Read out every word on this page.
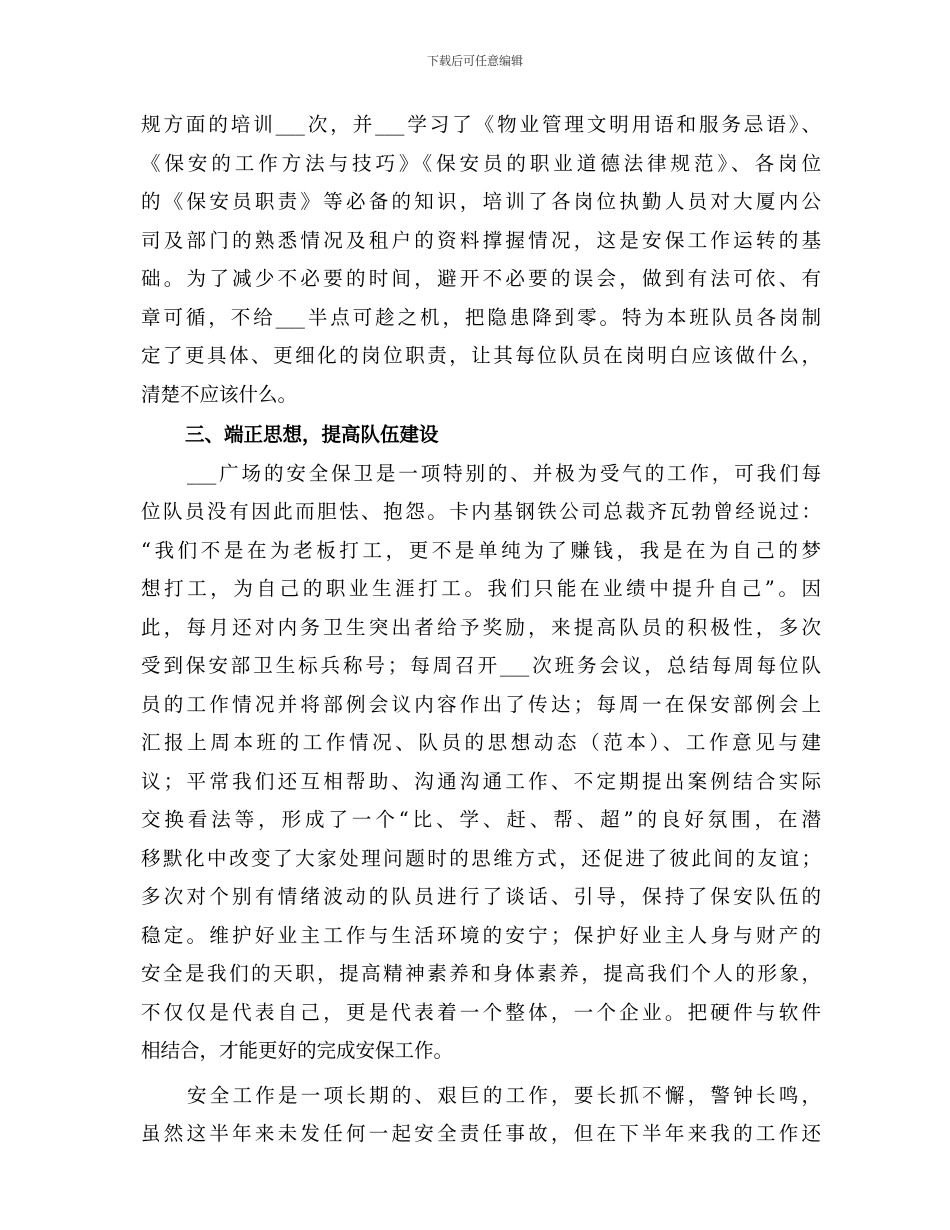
下载后可任意编辑
规方面的培训___次，并___学习了《物业管理文明用语和服务忌语》、
《保安的工作方法与技巧》《保安员的职业道德法律规范》、各岗位
的《保安员职责》等必备的知识，培训了各岗位执勤人员对大厦内公
司及部门的熟悉情况及租户的资料撑握情况，这是安保工作运转的基
础。为了减少不必要的时间，避开不必要的误会，做到有法可依、有
章可循，不给___半点可趁之机，把隐患降到零。特为本班队员各岗制
定了更具体、更细化的岗位职责，让其每位队员在岗明白应该做什么，
清楚不应该什么。
三、端正思想，提高队伍建设
___广场的安全保卫是一项特别的、并极为受气的工作，可我们每
位队员没有因此而胆怯、抱怨。卡内基钢铁公司总裁齐瓦勃曾经说过：
“我们不是在为老板打工，更不是单纯为了赚钱，我是在为自己的梦
想打工，为自己的职业生涯打工。我们只能在业绩中提升自己”。因
此，每月还对内务卫生突出者给予奖励，来提高队员的积极性，多次
受到保安部卫生标兵称号；每周召开___次班务会议，总结每周每位队
员的工作情况并将部例会议内容作出了传达；每周一在保安部例会上
汇报上周本班的工作情况、队员的思想动态（范本）、工作意见与建
议；平常我们还互相帮助、沟通沟通工作、不定期提出案例结合实际
交换看法等，形成了一个“比、学、赶、帮、超”的良好氛围，在潜
移默化中改变了大家处理问题时的思维方式，还促进了彼此间的友谊；
多次对个别有情绪波动的队员进行了谈话、引导，保持了保安队伍的
稳定。维护好业主工作与生活环境的安宁；保护好业主人身与财产的
安全是我们的天职，提高精神素养和身体素养，提高我们个人的形象，
不仅仅是代表自己，更是代表着一个整体，一个企业。把硬件与软件
相结合，才能更好的完成安保工作。
安全工作是一项长期的、艰巨的工作，要长抓不懈，警钟长鸣，
虽然这半年来未发任何一起安全责任事故，但在下半年来我的工作还
